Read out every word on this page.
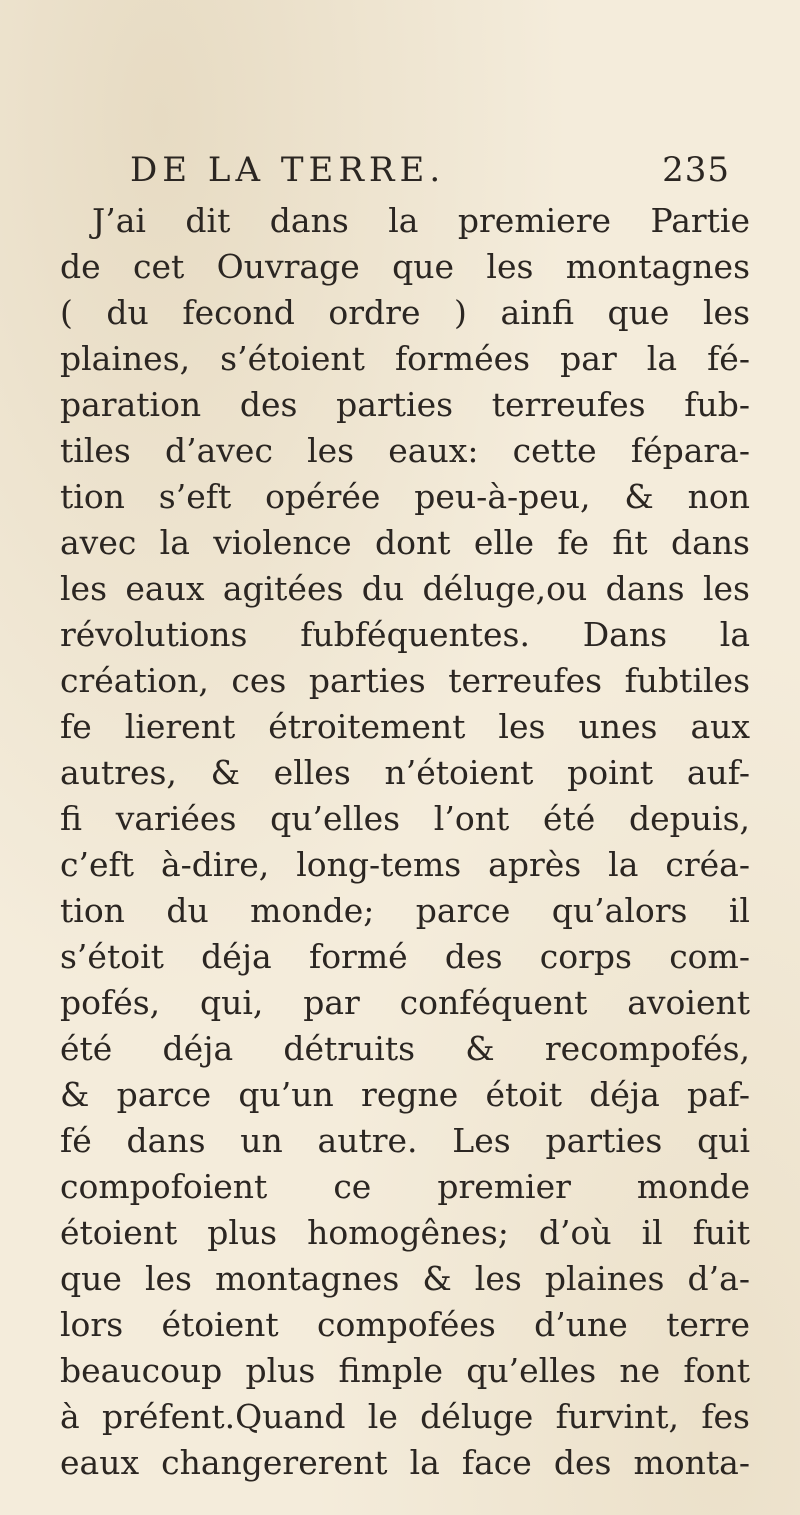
DE LA TERRE.	235
J’ai dit dans la premiere Partie
de cet Ouvrage que les montagnes
( du fecond ordre ) ainfi que les
plaines, s’étoient formées par la fé-
paration des parties terreufes fub-
tiles d’avec les eaux: cette fépara-
tion s’eft opérée peu-à-peu, & non
avec la violence dont elle fe fit dans
les eaux agitées du déluge,ou dans les
révolutions fubféquentes. Dans la
création, ces parties terreufes fubtiles
fe lierent étroitement les unes aux
autres, & elles n’étoient point auf-
fi variées qu’elles l’ont été depuis,
c’eft à-dire, long-tems après la créa-
tion du monde; parce qu’alors il
s’étoit déja formé des corps com-
pofés, qui, par conféquent avoient
été déja détruits & recompofés,
& parce qu’un regne étoit déja paf-
fé dans un autre. Les parties qui
compofoient ce premier monde
étoient plus homogênes; d’où il fuit
que les montagnes & les plaines d’a-
lors étoient compofées d’une terre
beaucoup plus fimple qu’elles ne font
à préfent.Quand le déluge furvint, fes
eaux changererent la face des monta-
